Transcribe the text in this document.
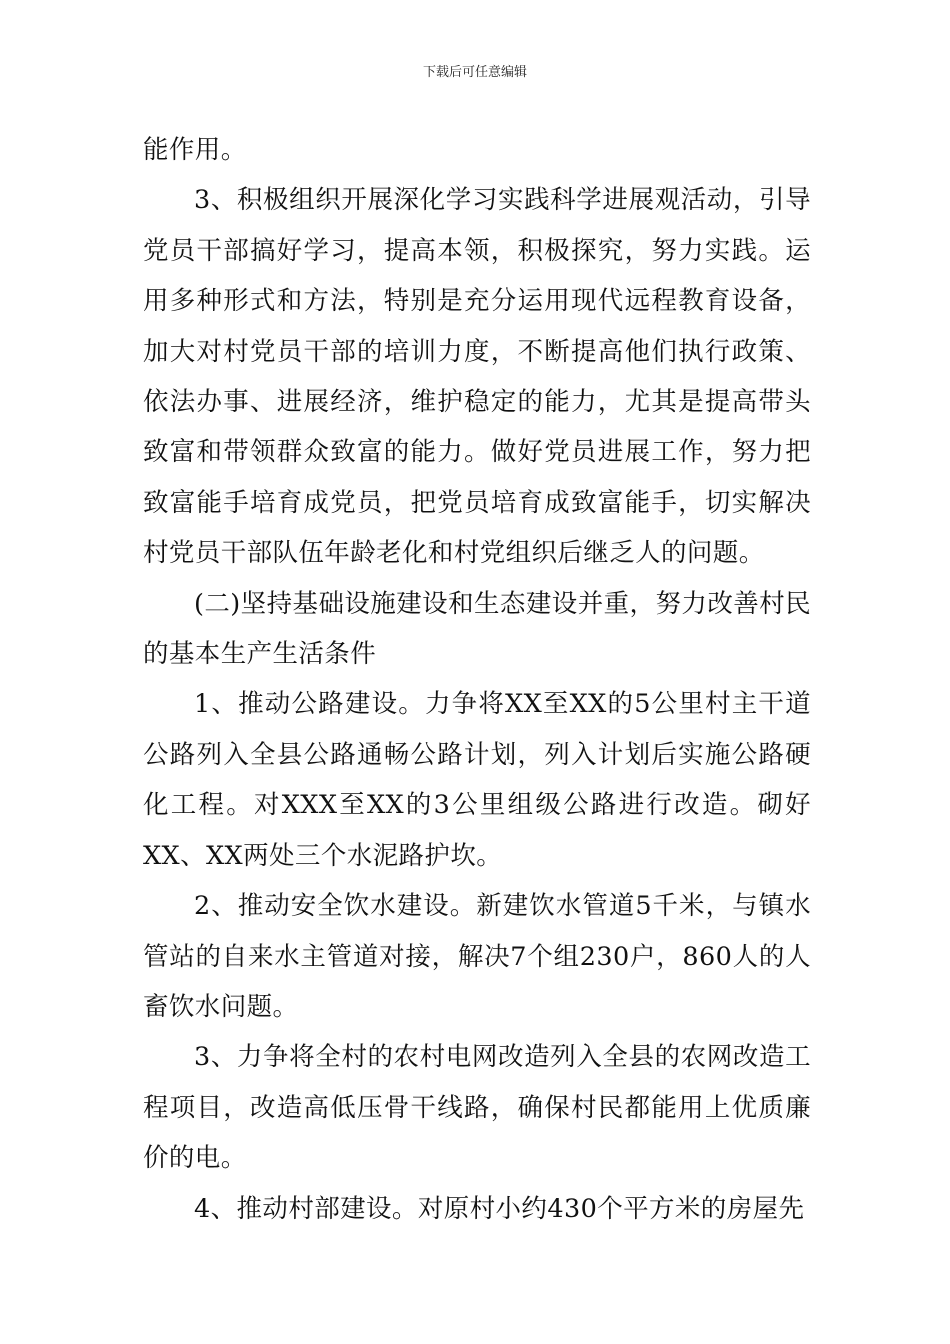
下载后可任意编辑

能作用。

3、积极组织开展深化学习实践科学进展观活动，引导党员干部搞好学习，提高本领，积极探究，努力实践。运用多种形式和方法，特别是充分运用现代远程教育设备，加大对村党员干部的培训力度，不断提高他们执行政策、依法办事、进展经济，维护稳定的能力，尤其是提高带头致富和带领群众致富的能力。做好党员进展工作，努力把致富能手培育成党员，把党员培育成致富能手，切实解决村党员干部队伍年龄老化和村党组织后继乏人的问题。

(二)坚持基础设施建设和生态建设并重，努力改善村民的基本生产生活条件

1、推动公路建设。力争将XX至XX的5公里村主干道公路列入全县公路通畅公路计划，列入计划后实施公路硬化工程。对XXX至XX的3公里组级公路进行改造。砌好XX、XX两处三个水泥路护坎。

2、推动安全饮水建设。新建饮水管道5千米，与镇水管站的自来水主管道对接，解决7个组230户，860人的人畜饮水问题。

3、力争将全村的农村电网改造列入全县的农网改造工程项目，改造高低压骨干线路，确保村民都能用上优质廉价的电。

4、推动村部建设。对原村小约430个平方米的房屋先
